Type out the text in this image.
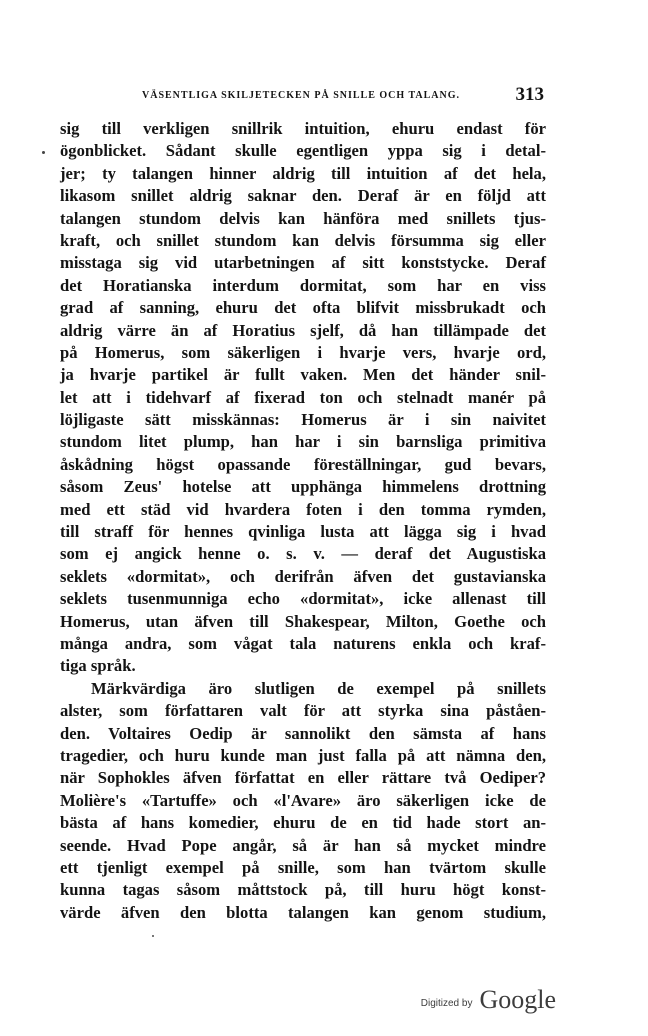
VÄSENTLIGA SKILJETECKEN PÅ SNILLE OCH TALANG.	313
sig till verkligen snillrik intuition, ehuru endast för
ögonblicket. Sådant skulle egentligen yppa sig i detal-
jer; ty talangen hinner aldrig till intuition af det hela,
likasom snillet aldrig saknar den. Deraf är en följd att
talangen stundom delvis kan hänföra med snillets tjus-
kraft, och snillet stundom kan delvis försumma sig eller
misstaga sig vid utarbetningen af sitt konststycke. Deraf
det Horatianska interdum dormitat, som har en viss
grad af sanning, ehuru det ofta blifvit missbrukadt och
aldrig värre än af Horatius sjelf, då han tillämpade det
på Homerus, som säkerligen i hvarje vers, hvarje ord,
ja hvarje partikel är fullt vaken. Men det händer snil-
let att i tidehvarf af fixerad ton och stelnadt manér på
löjligaste sätt misskännas: Homerus är i sin naivitet
stundom litet plump, han har i sin barnsliga primitiva
åskådning högst opassande föreställningar, gud bevars,
såsom Zeus' hotelse att upphänga himmelens drottning
med ett städ vid hvardera foten i den tomma rymden,
till straff för hennes qvinliga lusta att lägga sig i hvad
som ej angick henne o. s. v. — deraf det Augustiska
seklets «dormitat», och derifrån äfven det gustavianska
seklets tusenmunniga echo «dormitat», icke allenast till
Homerus, utan äfven till Shakespear, Milton, Goethe och
många andra, som vågat tala naturens enkla och kraf-
tiga språk.
Märkvärdiga äro slutligen de exempel på snillets
alster, som författaren valt för att styrka sina påståen-
den. Voltaires Oedip är sannolikt den sämsta af hans
tragedier, och huru kunde man just falla på att nämna den,
när Sophokles äfven författat en eller rättare två Oediper?
Molière's «Tartuffe» och «l'Avare» äro säkerligen icke de
bästa af hans komedier, ehuru de en tid hade stort an-
seende. Hvad Pope angår, så är han så mycket mindre
ett tjenligt exempel på snille, som han tvärtom skulle
kunna tagas såsom måttstock på, till huru högt konst-
värde äfven den blotta talangen kan genom studium,
Digitized by Google
